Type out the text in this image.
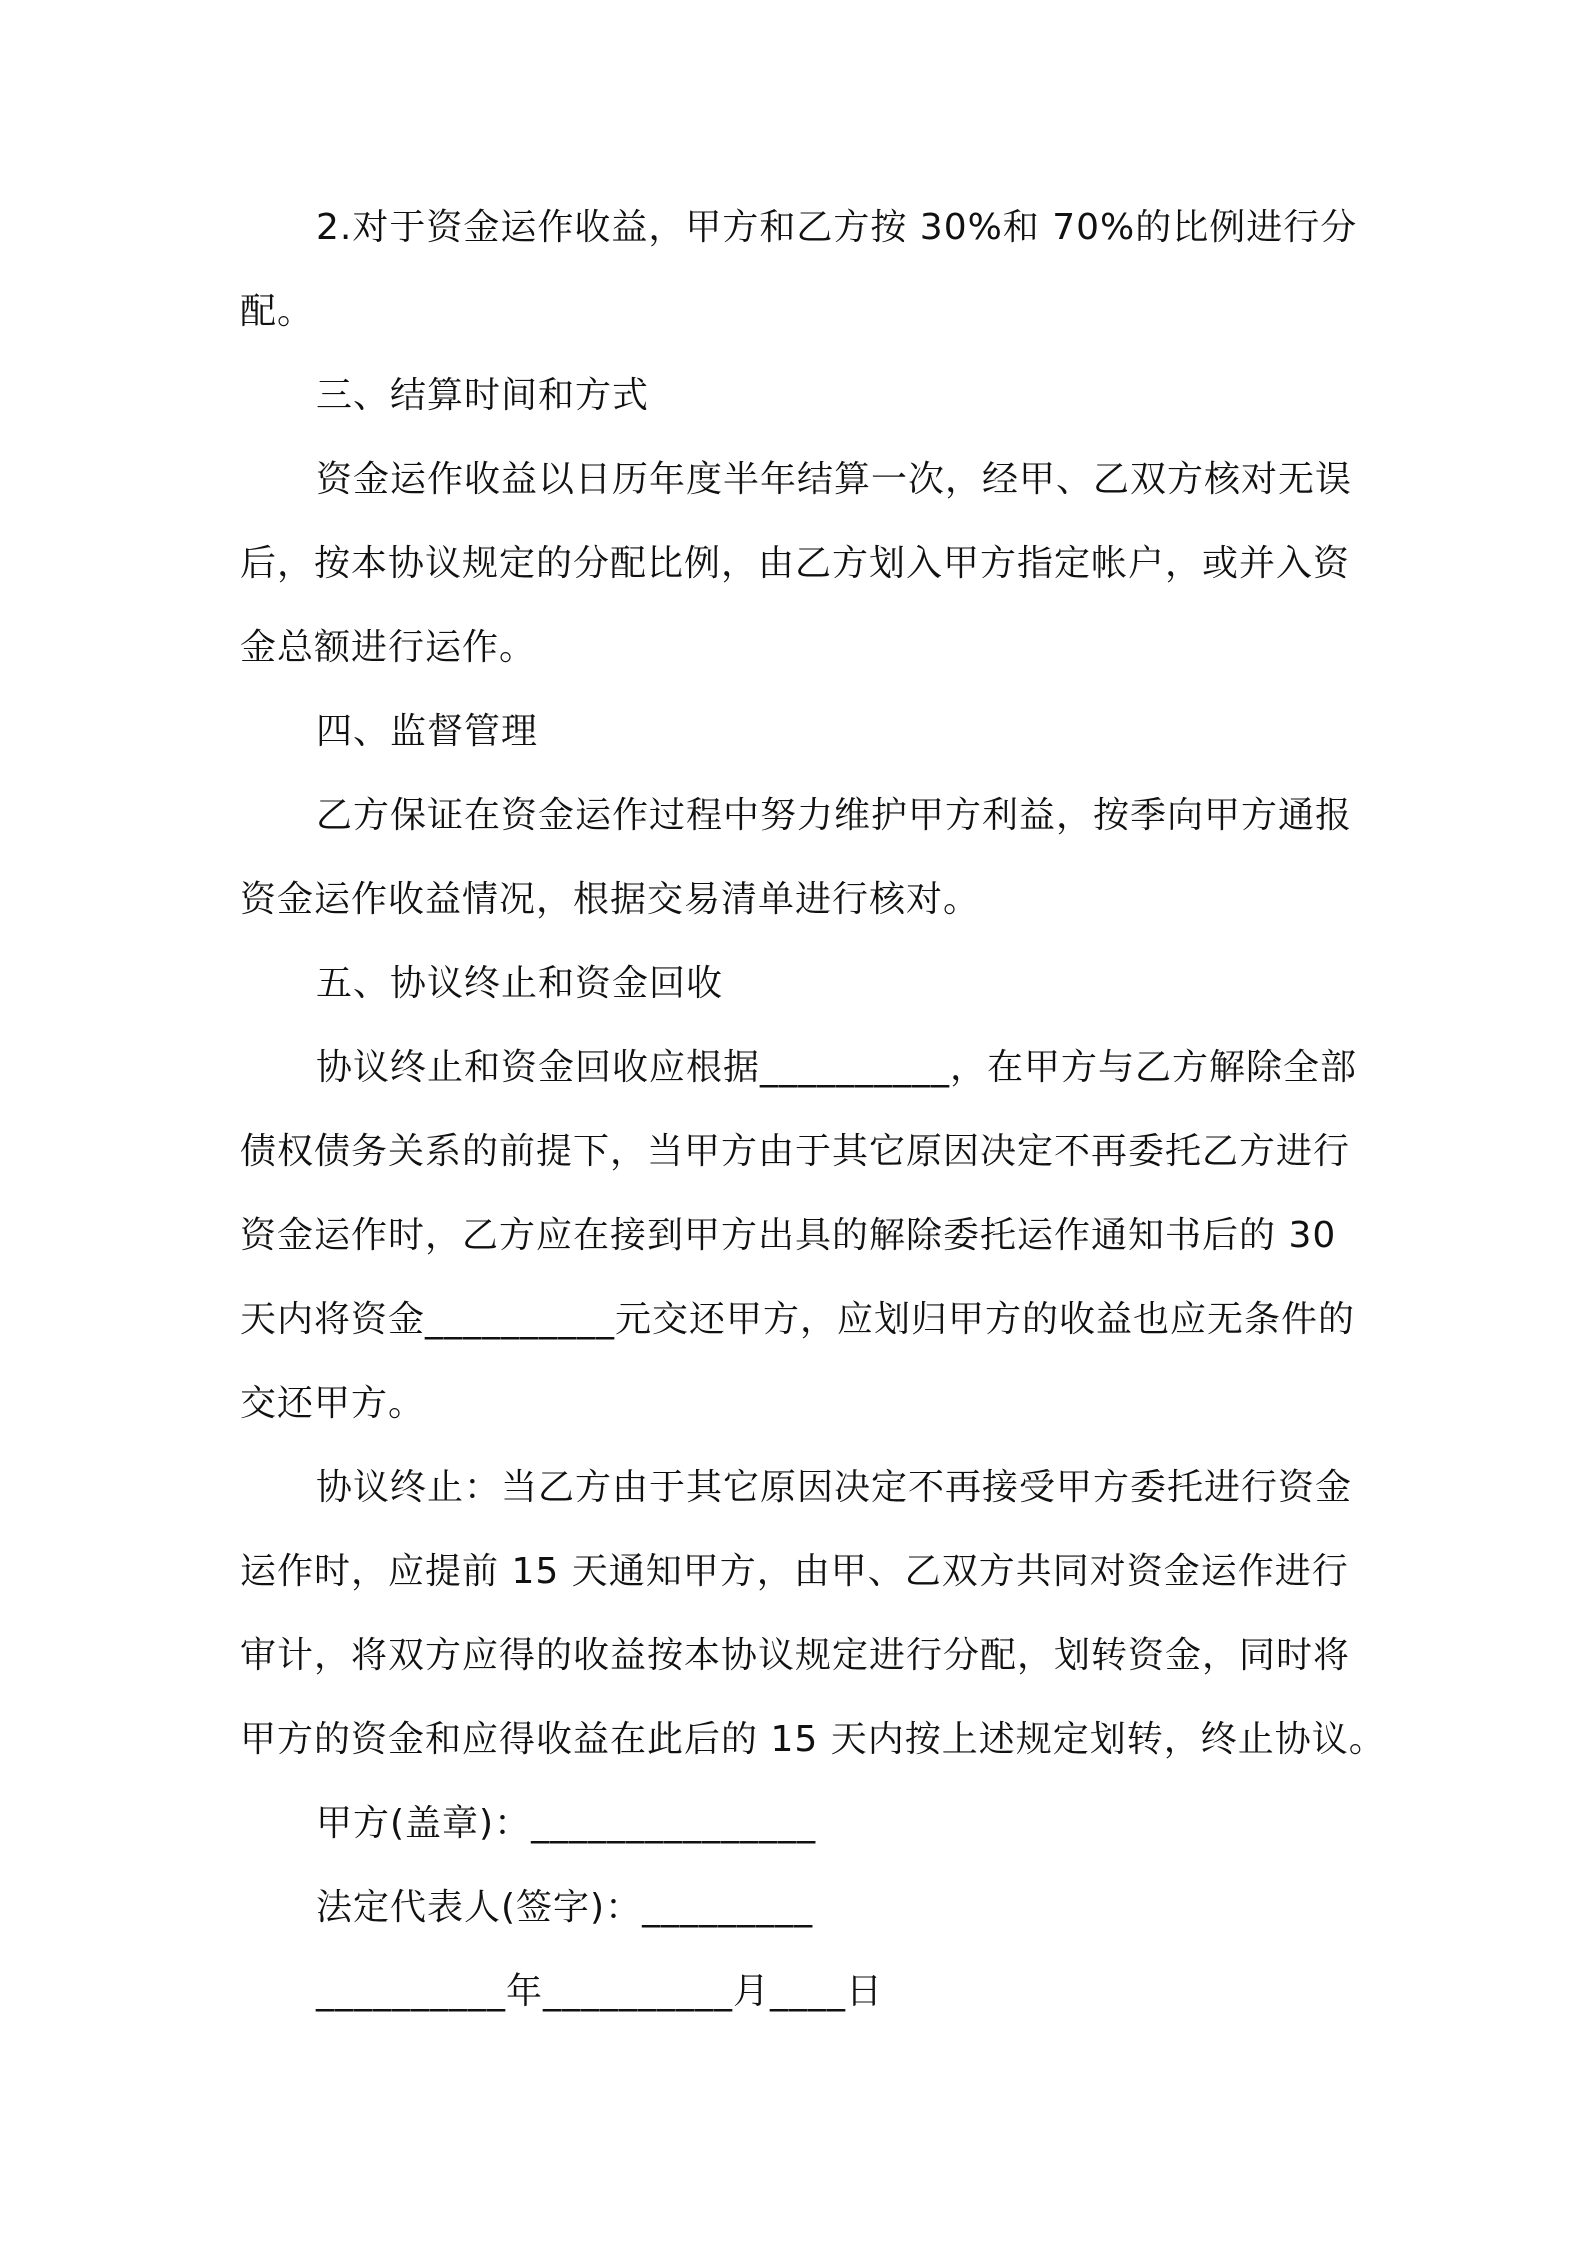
2.对于资金运作收益，甲方和乙方按 30%和 70%的比例进行分
配。
三、结算时间和方式
资金运作收益以日历年度半年结算一次，经甲、乙双方核对无误
后，按本协议规定的分配比例，由乙方划入甲方指定帐户，或并入资
金总额进行运作。
四、监督管理
乙方保证在资金运作过程中努力维护甲方利益，按季向甲方通报
资金运作收益情况，根据交易清单进行核对。
五、协议终止和资金回收
协议终止和资金回收应根据__________，在甲方与乙方解除全部
债权债务关系的前提下，当甲方由于其它原因决定不再委托乙方进行
资金运作时，乙方应在接到甲方出具的解除委托运作通知书后的 30
天内将资金__________元交还甲方，应划归甲方的收益也应无条件的
交还甲方。
协议终止：当乙方由于其它原因决定不再接受甲方委托进行资金
运作时，应提前 15 天通知甲方，由甲、乙双方共同对资金运作进行
审计，将双方应得的收益按本协议规定进行分配，划转资金，同时将
甲方的资金和应得收益在此后的 15 天内按上述规定划转，终止协议。
甲方(盖章)：_______________
法定代表人(签字)：_________
__________年__________月____日
